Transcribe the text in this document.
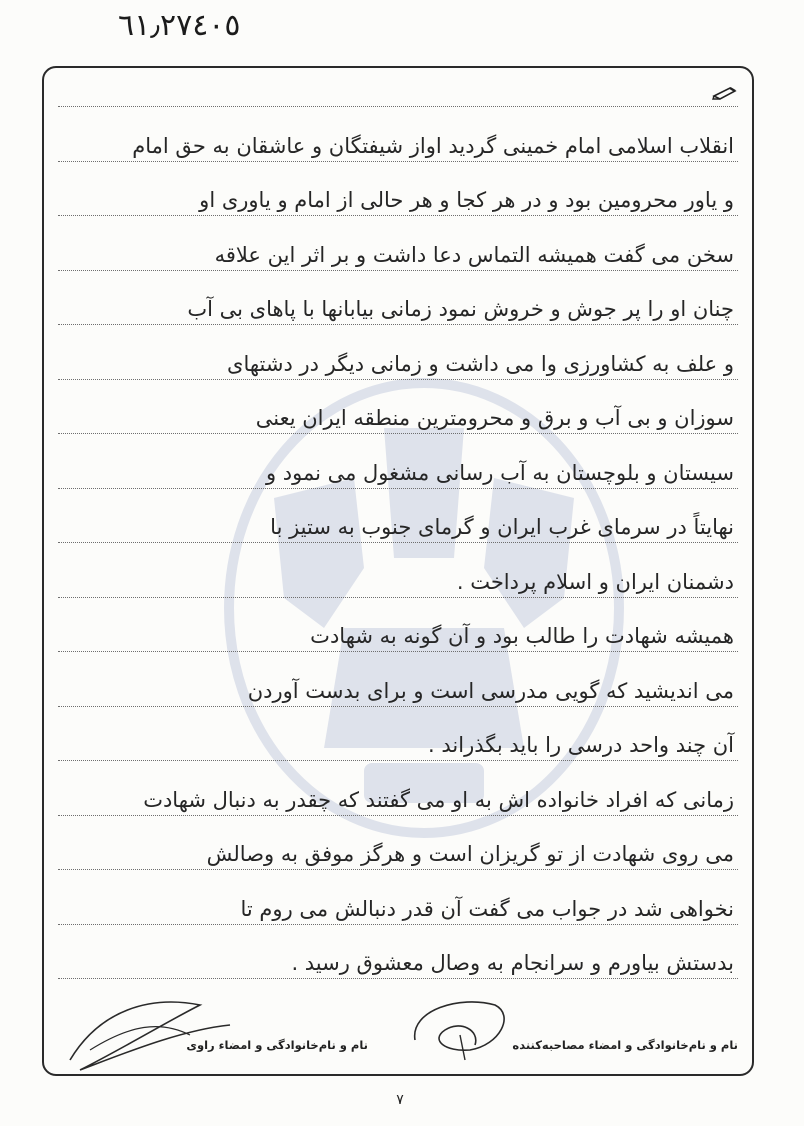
٦١٫٢٧٤٠٥
انقلاب اسلامی امام خمینی گردید اواز شیفتگان و عاشقان به حق امام
و یاور محرومین بود و در هر کجا و هر حالی از امام و یاوری او
سخن می گفت همیشه التماس دعا داشت و بر اثر این علاقه
چنان او را پر جوش و خروش نمود زمانی بیابانها با پاهای بی آب
و علف به کشاورزی وا می داشت و زمانی دیگر در دشتهای
سوزان و بی آب و برق و محرومترین منطقه ایران یعنی
سیستان و بلوچستان به آب رسانی مشغول می نمود و
نهایتاً در سرمای غرب ایران و گرمای جنوب به ستیز با
دشمنان ایران و اسلام پرداخت .
همیشه شهادت را طالب بود و آن گونه به شهادت
می اندیشید که گویی مدرسی است و برای بدست آوردن
آن چند واحد درسی را باید بگذراند .
زمانی که افراد خانواده اش به او می گفتند که چقدر به دنبال شهادت
می روی شهادت از تو گریزان است و هرگز موفق به وصالش
نخواهی شد در جواب می گفت آن قدر دنبالش می روم تا
بدستش بیاورم و سرانجام به وصال معشوق رسید .
نام و نام‌خانوادگی و امضاء مصاحبه‌کننده
نام و نام‌خانوادگی و امضاء راوی
٧
